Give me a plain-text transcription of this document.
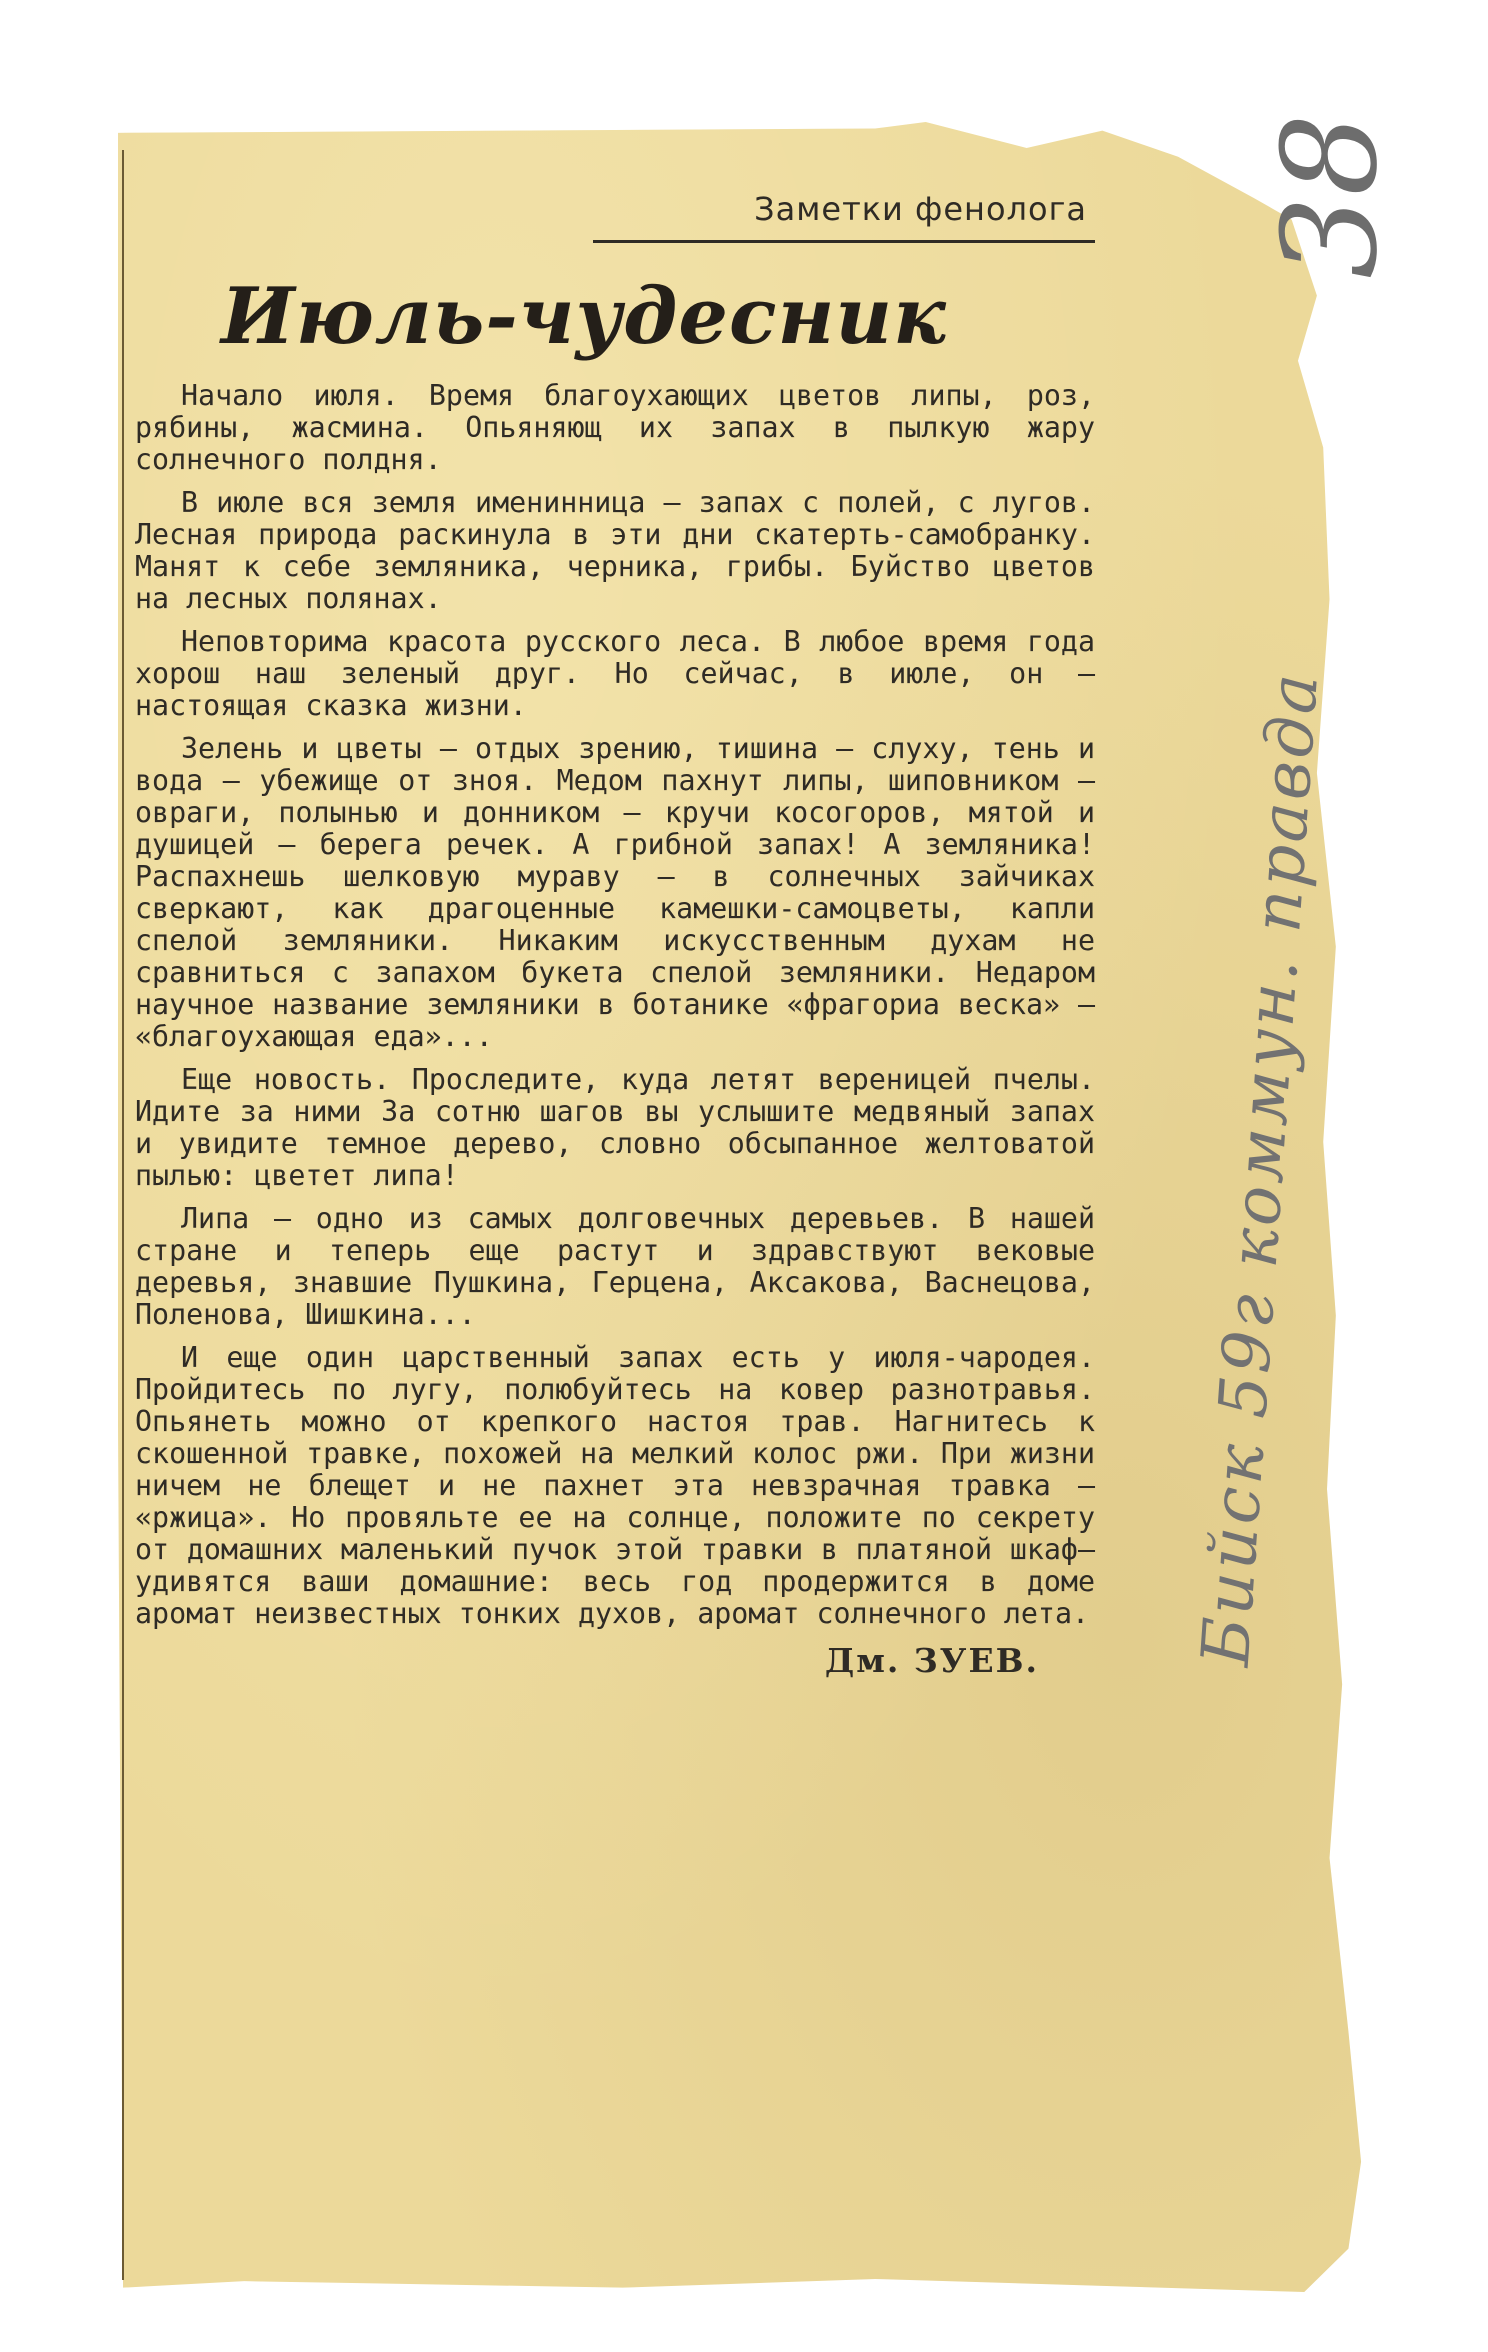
Заметки фенолога
Июль-чудесник

Начало июля. Время благоухающих цветов липы, роз, рябины, жасмина. Опьяняющ их запах в пылкую жару солнечного полдня.

В июле вся земля именинница — запах с полей, с лугов. Лесная природа раскинула в эти дни скатерть-самобранку. Манят к себе земляника, черника, грибы. Буйство цветов на лесных полянах.

Неповторима красота русского леса. В любое время года хорош наш зеленый друг. Но сейчас, в июле, он — настоящая сказка жизни.

Зелень и цветы — отдых зрению, тишина — слуху, тень и вода — убежище от зноя. Медом пахнут липы, шиповником — овраги, полынью и донником — кручи косогоров, мятой и душицей — берега речек. А грибной запах! А земляника! Распахнешь шелковую мураву — в солнечных зайчиках сверкают, как драгоценные камешки-самоцветы, капли спелой земляники. Никаким искусственным духам не сравниться с запахом букета спелой земляники. Недаром научное название земляники в ботанике «фрагориа веска» — «благоухающая еда»...

Еще новость. Проследите, куда летят вереницей пчелы. Идите за ними За сотню шагов вы услышите медвяный запах и увидите темное дерево, словно обсыпанное желтоватой пылью: цветет липа!

Липа — одно из самых долговечных деревьев. В нашей стране и теперь еще растут и здравствуют вековые деревья, знавшие Пушкина, Герцена, Аксакова, Васнецова, Поленова, Шишкина...

И еще один царственный запах есть у июля-чародея. Пройдитесь по лугу, полюбуйтесь на ковер разнотравья. Опьянеть можно от крепкого настоя трав. Нагнитесь к скошенной травке, похожей на мелкий колос ржи. При жизни ничем не блещет и не пахнет эта невзрачная травка — «ржица». Но провяльте ее на солнце, положите по секрету от домашних маленький пучок этой травки в платяной шкаф—удивятся ваши домашние: весь год продержится в доме аромат неизвестных тонких духов, аромат солнечного лета.

Дм. ЗУЕВ.
38
Бийск 59г коммун. правда
